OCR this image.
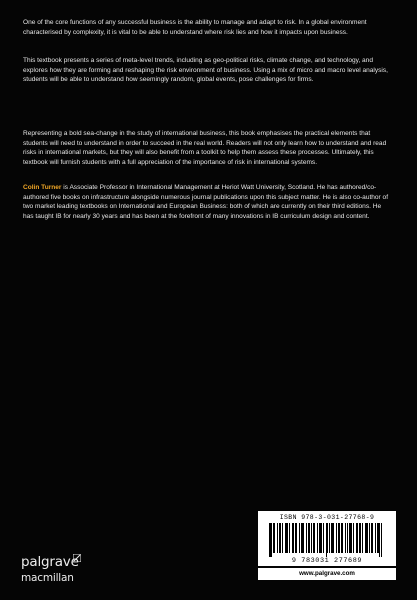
One of the core functions of any successful business is the ability to manage and adapt to risk. In a global environment characterised by complexity, it is vital to be able to understand where risk lies and how it impacts upon business.

This textbook presents a series of meta-level trends, including as geo-political risks, climate change, and technology, and explores how they are forming and reshaping the risk environment of business. Using a mix of micro and macro level analysis, students will be able to understand how seemingly random, global events, pose challenges for firms.

Representing a bold sea-change in the study of international business, this book emphasises the practical elements that students will need to understand in order to succeed in the real world. Readers will not only learn how to understand and read risks in international markets, but they will also benefit from a toolkit to help them assess these processes. Ultimately, this textbook will furnish students with a full appreciation of the importance of risk in international systems.

Colin Turner is Associate Professor in International Management at Heriot Watt University, Scotland. He has authored/co-authored five books on infrastructure alongside numerous journal publications upon this subject matter. He is also co-author of two market leading textbooks on International and European Business: both of which are currently on their third editions. He has taught IB for nearly 30 years and has been at the forefront of many innovations in IB curriculum design and content.

ISBN 978-3-031-27768-9
9 783031 277689
www.palgrave.com
palgrave
macmillan
